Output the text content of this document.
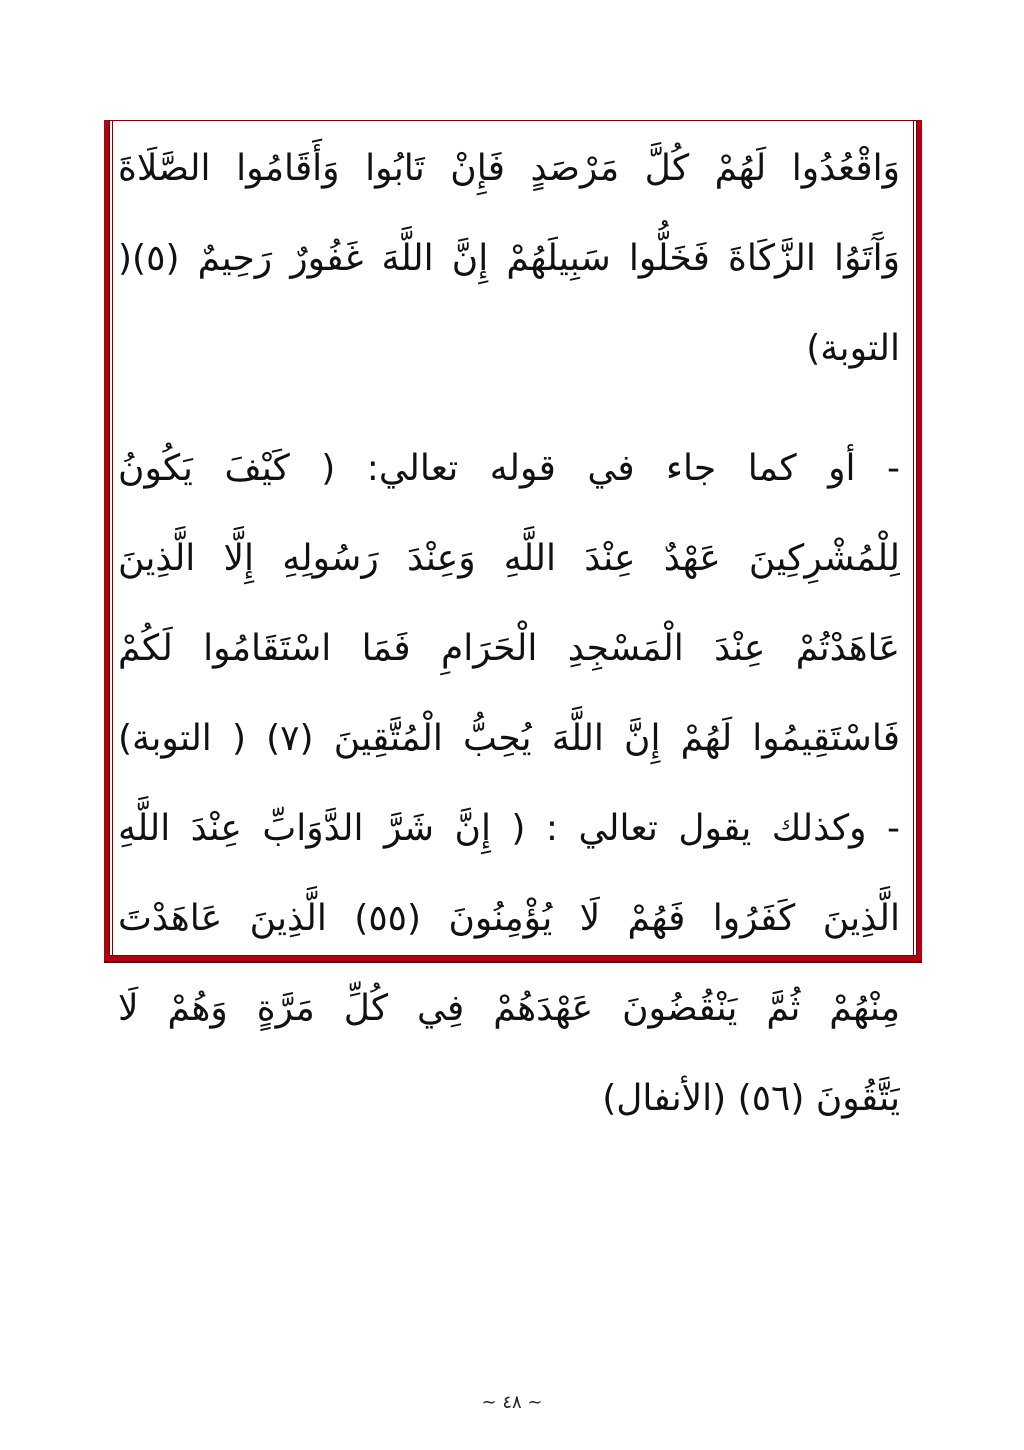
وَاقْعُدُوا لَهُمْ كُلَّ مَرْصَدٍ فَإِنْ تَابُوا وَأَقَامُوا الصَّلَاةَ
وَآَتَوُا الزَّكَاةَ فَخَلُّوا سَبِيلَهُمْ إِنَّ اللَّهَ غَفُورٌ رَحِيمٌ (٥)(
التوبة)
- أو كما جاء في قوله تعالي: ( كَيْفَ يَكُونُ
لِلْمُشْرِكِينَ عَهْدٌ عِنْدَ اللَّهِ وَعِنْدَ رَسُولِهِ إِلَّا الَّذِينَ
عَاهَدْتُمْ عِنْدَ الْمَسْجِدِ الْحَرَامِ فَمَا اسْتَقَامُوا لَكُمْ
فَاسْتَقِيمُوا لَهُمْ إِنَّ اللَّهَ يُحِبُّ الْمُتَّقِينَ (٧) ( التوبة)
- وكذلك يقول تعالي : ( إِنَّ شَرَّ الدَّوَابِّ عِنْدَ اللَّهِ
الَّذِينَ كَفَرُوا فَهُمْ لَا يُؤْمِنُونَ (٥٥) الَّذِينَ عَاهَدْتَ
مِنْهُمْ ثُمَّ يَنْقُضُونَ عَهْدَهُمْ فِي كُلِّ مَرَّةٍ وَهُمْ لَا
يَتَّقُونَ (٥٦) (الأنفال)
~ ٤٨ ~
